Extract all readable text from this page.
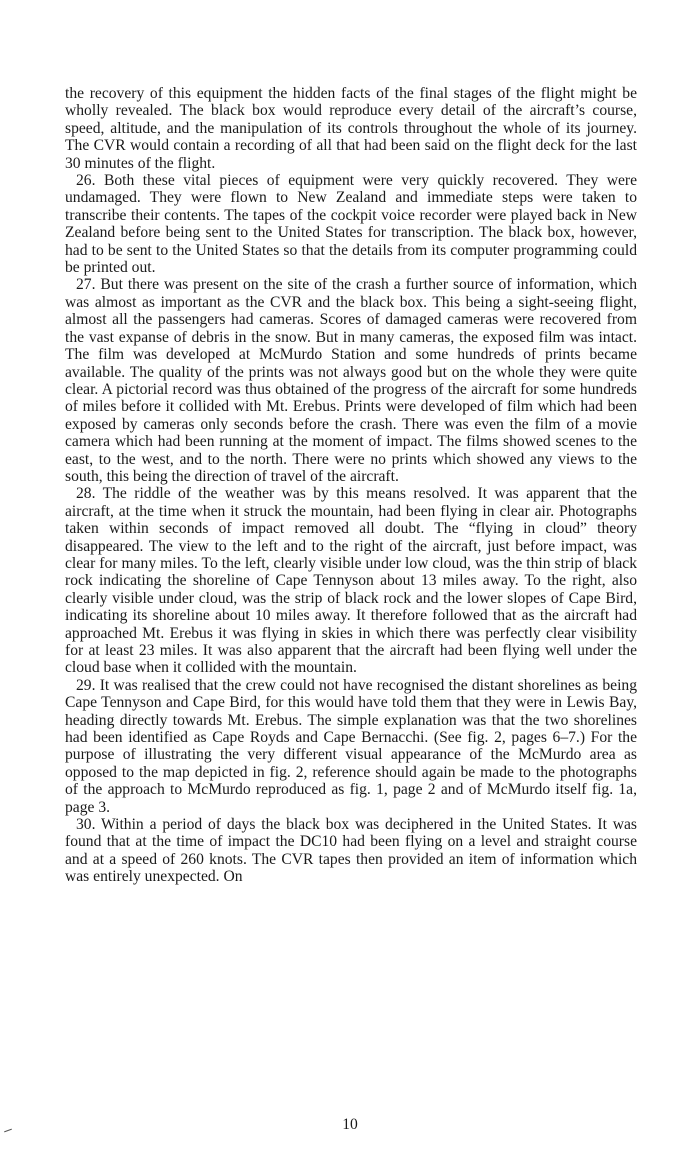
the recovery of this equipment the hidden facts of the final stages of the flight might be wholly revealed. The black box would reproduce every detail of the aircraft’s course, speed, altitude, and the manipulation of its controls throughout the whole of its journey. The CVR would contain a recording of all that had been said on the flight deck for the last 30 minutes of the flight.

26. Both these vital pieces of equipment were very quickly recovered. They were undamaged. They were flown to New Zealand and immediate steps were taken to transcribe their contents. The tapes of the cockpit voice recorder were played back in New Zealand before being sent to the United States for transcription. The black box, however, had to be sent to the United States so that the details from its computer programming could be printed out.

27. But there was present on the site of the crash a further source of information, which was almost as important as the CVR and the black box. This being a sight-seeing flight, almost all the passengers had cameras. Scores of damaged cameras were recovered from the vast expanse of debris in the snow. But in many cameras, the exposed film was intact. The film was developed at McMurdo Station and some hundreds of prints became available. The quality of the prints was not always good but on the whole they were quite clear. A pictorial record was thus obtained of the progress of the aircraft for some hundreds of miles before it collided with Mt. Erebus. Prints were developed of film which had been exposed by cameras only seconds before the crash. There was even the film of a movie camera which had been running at the moment of impact. The films showed scenes to the east, to the west, and to the north. There were no prints which showed any views to the south, this being the direction of travel of the aircraft.

28. The riddle of the weather was by this means resolved. It was apparent that the aircraft, at the time when it struck the mountain, had been flying in clear air. Photographs taken within seconds of impact removed all doubt. The “flying in cloud” theory disappeared. The view to the left and to the right of the aircraft, just before impact, was clear for many miles. To the left, clearly visible under low cloud, was the thin strip of black rock indicating the shoreline of Cape Tennyson about 13 miles away. To the right, also clearly visible under cloud, was the strip of black rock and the lower slopes of Cape Bird, indicating its shoreline about 10 miles away. It therefore followed that as the aircraft had approached Mt. Erebus it was flying in skies in which there was perfectly clear visibility for at least 23 miles. It was also apparent that the aircraft had been flying well under the cloud base when it collided with the mountain.

29. It was realised that the crew could not have recognised the distant shorelines as being Cape Tennyson and Cape Bird, for this would have told them that they were in Lewis Bay, heading directly towards Mt. Erebus. The simple explanation was that the two shorelines had been identified as Cape Royds and Cape Bernacchi. (See fig. 2, pages 6–7.) For the purpose of illustrating the very different visual appearance of the McMurdo area as opposed to the map depicted in fig. 2, reference should again be made to the photographs of the approach to McMurdo reproduced as fig. 1, page 2 and of McMurdo itself fig. 1a, page 3.

30. Within a period of days the black box was deciphered in the United States. It was found that at the time of impact the DC10 had been flying on a level and straight course and at a speed of 260 knots. The CVR tapes then provided an item of information which was entirely unexpected. On

10
